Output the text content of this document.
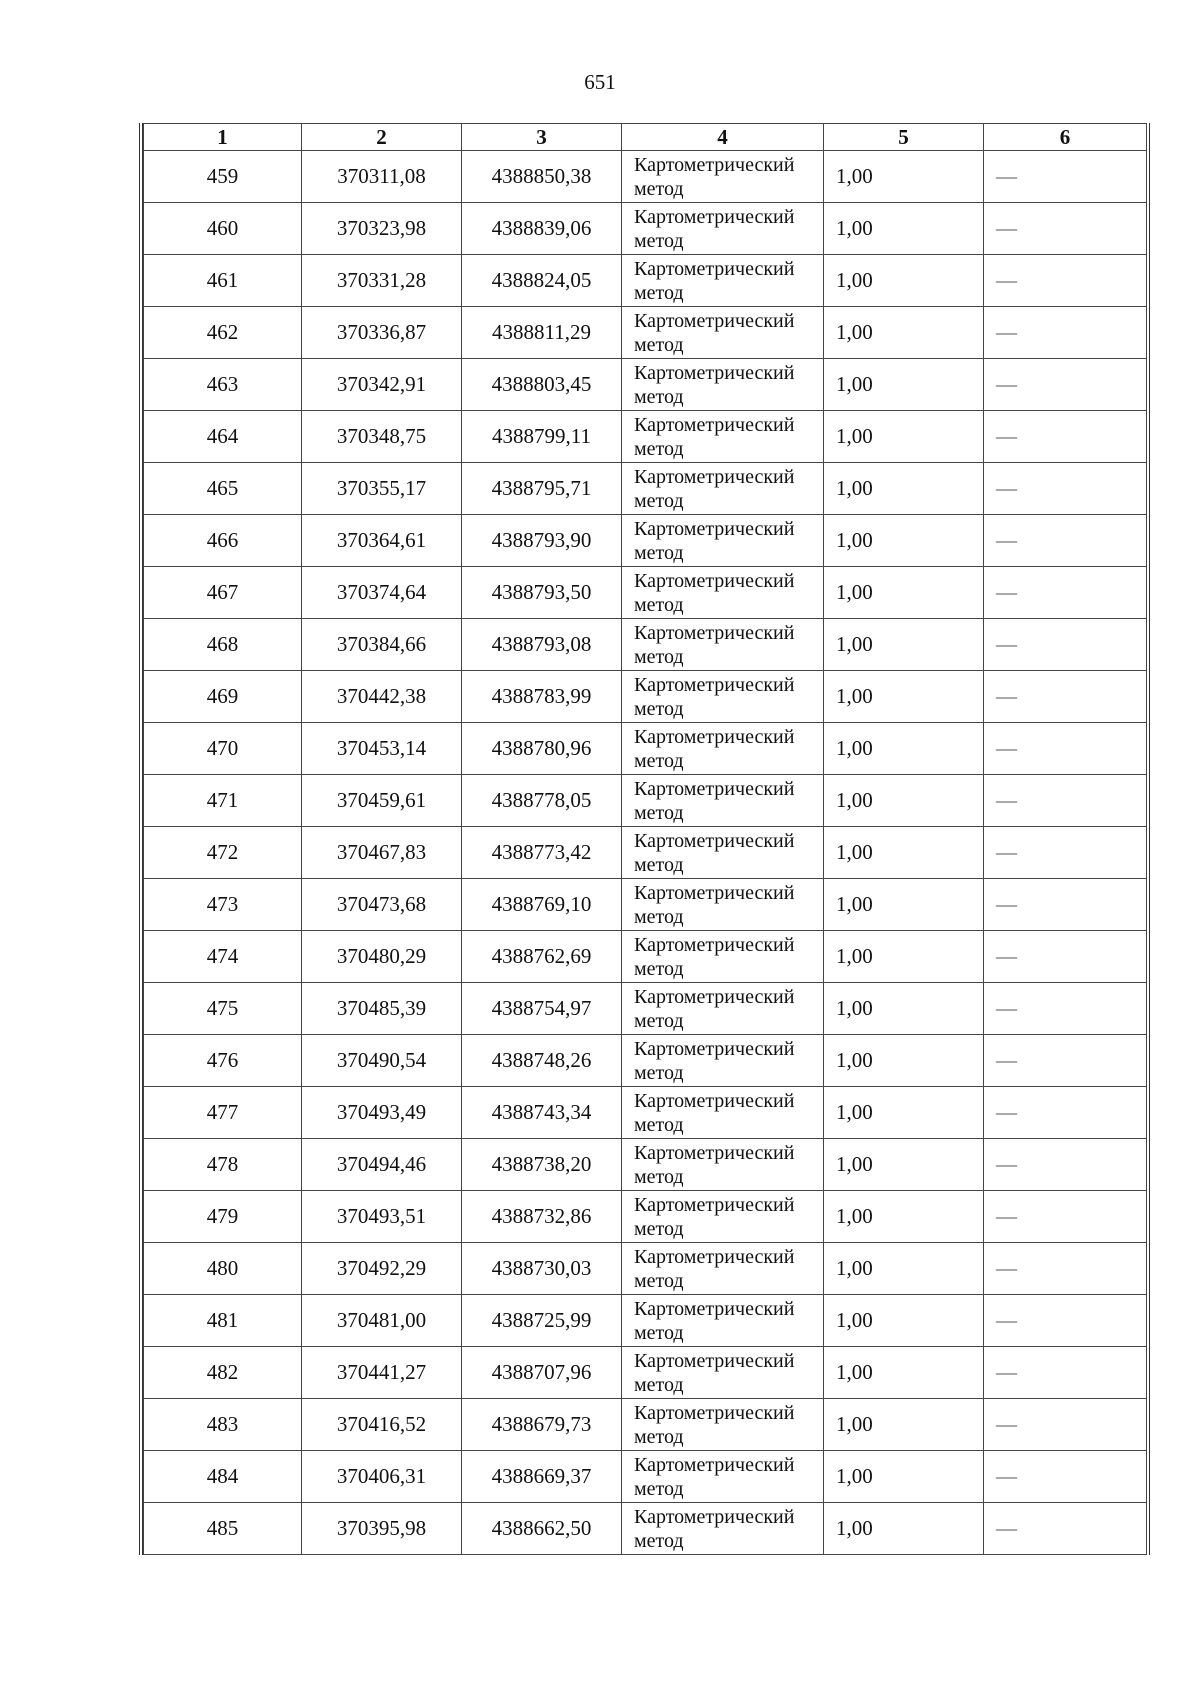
651
1	2	3	4	5	6
459	370311,08	4388850,38	Картометрический метод	1,00	—
460	370323,98	4388839,06	Картометрический метод	1,00	—
461	370331,28	4388824,05	Картометрический метод	1,00	—
462	370336,87	4388811,29	Картометрический метод	1,00	—
463	370342,91	4388803,45	Картометрический метод	1,00	—
464	370348,75	4388799,11	Картометрический метод	1,00	—
465	370355,17	4388795,71	Картометрический метод	1,00	—
466	370364,61	4388793,90	Картометрический метод	1,00	—
467	370374,64	4388793,50	Картометрический метод	1,00	—
468	370384,66	4388793,08	Картометрический метод	1,00	—
469	370442,38	4388783,99	Картометрический метод	1,00	—
470	370453,14	4388780,96	Картометрический метод	1,00	—
471	370459,61	4388778,05	Картометрический метод	1,00	—
472	370467,83	4388773,42	Картометрический метод	1,00	—
473	370473,68	4388769,10	Картометрический метод	1,00	—
474	370480,29	4388762,69	Картометрический метод	1,00	—
475	370485,39	4388754,97	Картометрический метод	1,00	—
476	370490,54	4388748,26	Картометрический метод	1,00	—
477	370493,49	4388743,34	Картометрический метод	1,00	—
478	370494,46	4388738,20	Картометрический метод	1,00	—
479	370493,51	4388732,86	Картометрический метод	1,00	—
480	370492,29	4388730,03	Картометрический метод	1,00	—
481	370481,00	4388725,99	Картометрический метод	1,00	—
482	370441,27	4388707,96	Картометрический метод	1,00	—
483	370416,52	4388679,73	Картометрический метод	1,00	—
484	370406,31	4388669,37	Картометрический метод	1,00	—
485	370395,98	4388662,50	Картометрический метод	1,00	—
